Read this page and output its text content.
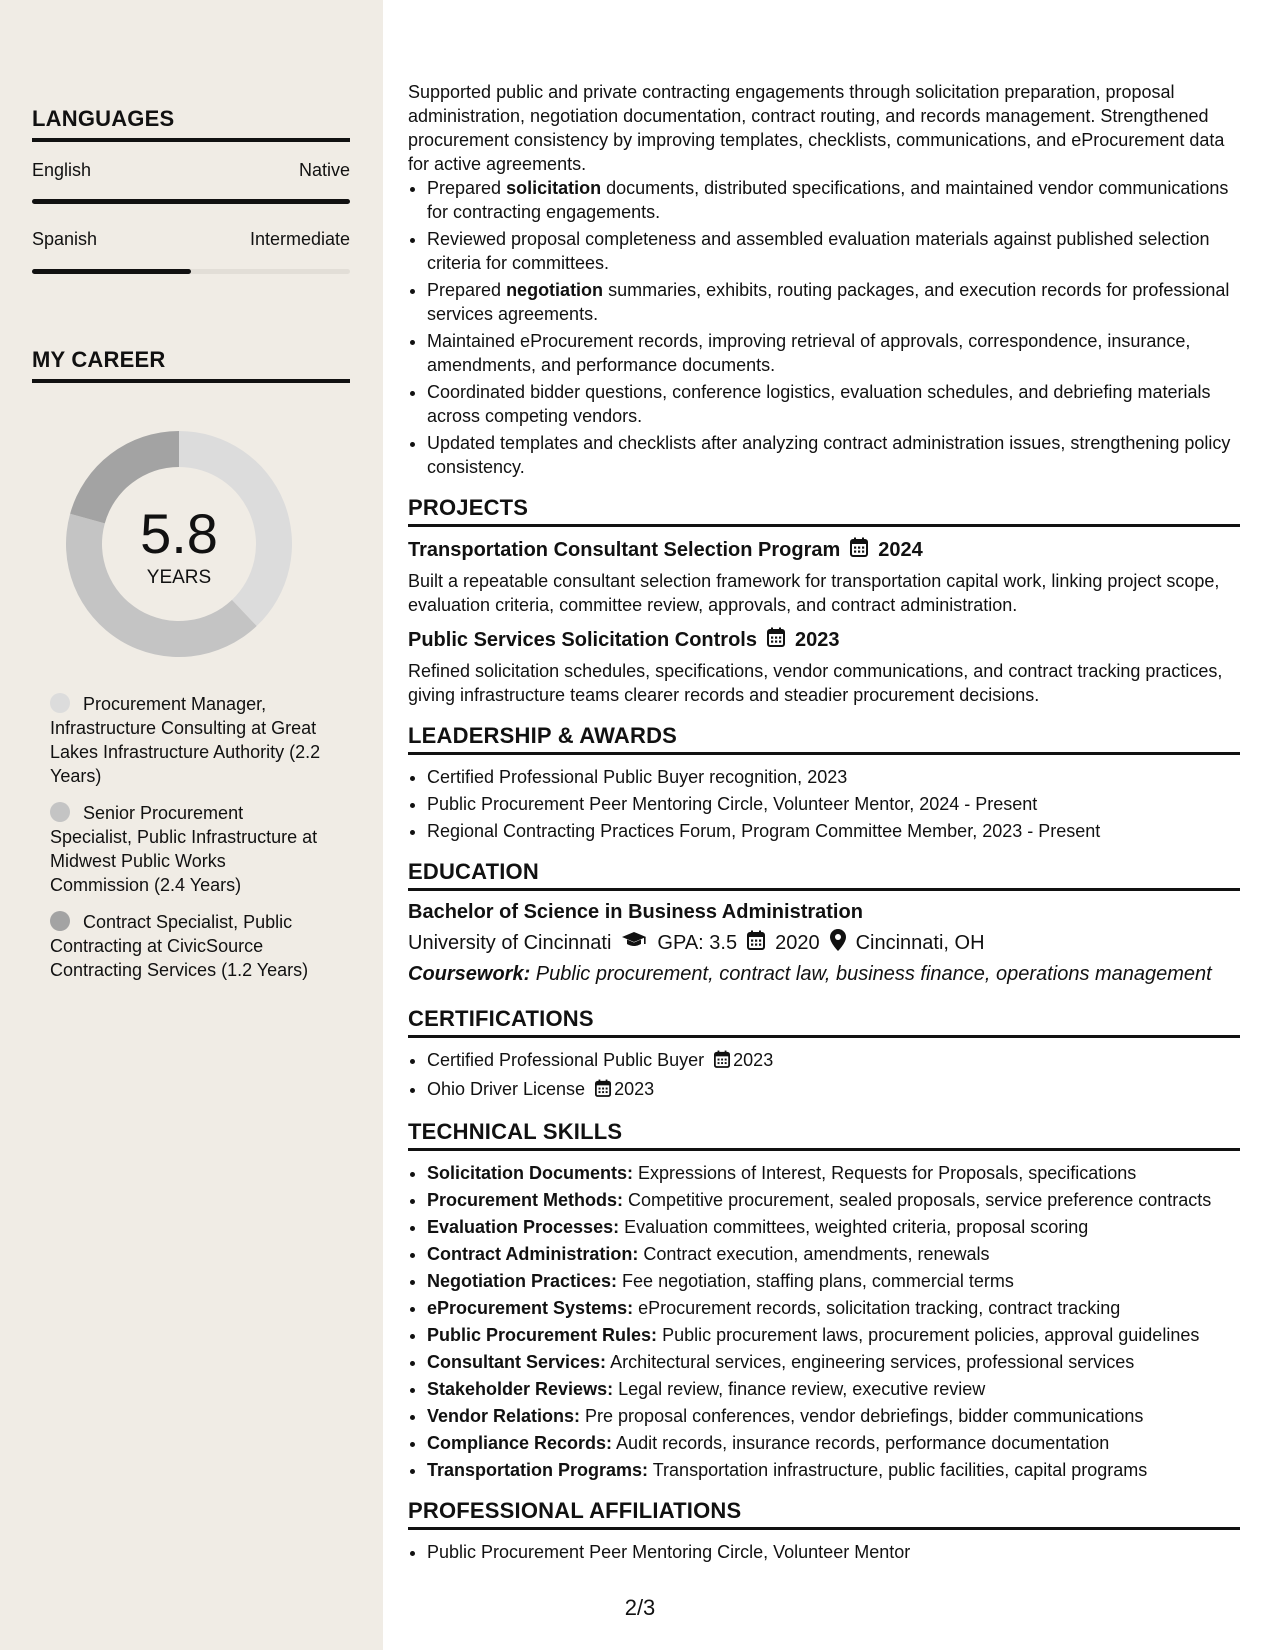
LANGUAGES
English	Native
Spanish	Intermediate
MY CAREER
5.8
YEARS
Procurement Manager, Infrastructure Consulting at Great Lakes Infrastructure Authority (2.2 Years)
Senior Procurement Specialist, Public Infrastructure at Midwest Public Works Commission (2.4 Years)
Contract Specialist, Public Contracting at CivicSource Contracting Services (1.2 Years)

Supported public and private contracting engagements through solicitation preparation, proposal administration, negotiation documentation, contract routing, and records management. Strengthened procurement consistency by improving templates, checklists, communications, and eProcurement data for active agreements.

• Prepared solicitation documents, distributed specifications, and maintained vendor communications for contracting engagements.
• Reviewed proposal completeness and assembled evaluation materials against published selection criteria for committees.
• Prepared negotiation summaries, exhibits, routing packages, and execution records for professional services agreements.
• Maintained eProcurement records, improving retrieval of approvals, correspondence, insurance, amendments, and performance documents.
• Coordinated bidder questions, conference logistics, evaluation schedules, and debriefing materials across competing vendors.
• Updated templates and checklists after analyzing contract administration issues, strengthening policy consistency.
PROJECTS
Transportation Consultant Selection Program 2024

Built a repeatable consultant selection framework for transportation capital work, linking project scope, evaluation criteria, committee review, approvals, and contract administration.

Public Services Solicitation Controls 2023

Refined solicitation schedules, specifications, vendor communications, and contract tracking practices, giving infrastructure teams clearer records and steadier procurement decisions.

LEADERSHIP & AWARDS
• Certified Professional Public Buyer recognition, 2023
• Public Procurement Peer Mentoring Circle, Volunteer Mentor, 2024 - Present
• Regional Contracting Practices Forum, Program Committee Member, 2023 - Present
EDUCATION
Bachelor of Science in Business Administration
University of Cincinnati GPA: 3.5 2020 Cincinnati, OH
Coursework: Public procurement, contract law, business finance, operations management
CERTIFICATIONS
• Certified Professional Public Buyer 2023
• Ohio Driver License 2023
TECHNICAL SKILLS
• Solicitation Documents: Expressions of Interest, Requests for Proposals, specifications
• Procurement Methods: Competitive procurement, sealed proposals, service preference contracts
• Evaluation Processes: Evaluation committees, weighted criteria, proposal scoring
• Contract Administration: Contract execution, amendments, renewals
• Negotiation Practices: Fee negotiation, staffing plans, commercial terms
• eProcurement Systems: eProcurement records, solicitation tracking, contract tracking
• Public Procurement Rules: Public procurement laws, procurement policies, approval guidelines
• Consultant Services: Architectural services, engineering services, professional services
• Stakeholder Reviews: Legal review, finance review, executive review
• Vendor Relations: Pre proposal conferences, vendor debriefings, bidder communications
• Compliance Records: Audit records, insurance records, performance documentation
• Transportation Programs: Transportation infrastructure, public facilities, capital programs
PROFESSIONAL AFFILIATIONS
• Public Procurement Peer Mentoring Circle, Volunteer Mentor
2/3
